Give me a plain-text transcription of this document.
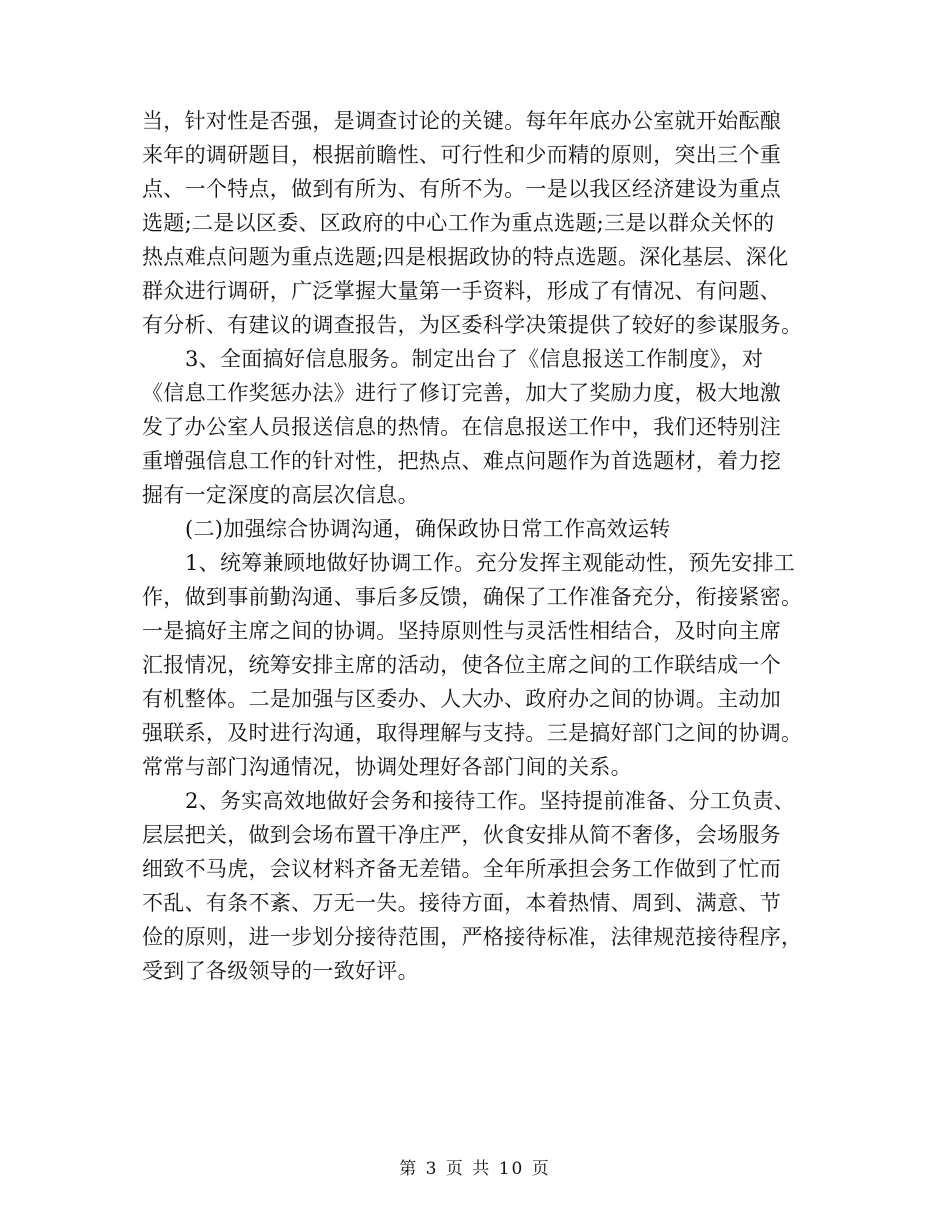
当，针对性是否强，是调查讨论的关键。每年年底办公室就开始酝酿
来年的调研题目，根据前瞻性、可行性和少而精的原则，突出三个重
点、一个特点，做到有所为、有所不为。一是以我区经济建设为重点
选题;二是以区委、区政府的中心工作为重点选题;三是以群众关怀的
热点难点问题为重点选题;四是根据政协的特点选题。深化基层、深化
群众进行调研，广泛掌握大量第一手资料，形成了有情况、有问题、
有分析、有建议的调查报告，为区委科学决策提供了较好的参谋服务。
3、全面搞好信息服务。制定出台了《信息报送工作制度》，对
《信息工作奖惩办法》进行了修订完善，加大了奖励力度，极大地激
发了办公室人员报送信息的热情。在信息报送工作中，我们还特别注
重增强信息工作的针对性，把热点、难点问题作为首选题材，着力挖
掘有一定深度的高层次信息。
(二)加强综合协调沟通，确保政协日常工作高效运转
1、统筹兼顾地做好协调工作。充分发挥主观能动性，预先安排工
作，做到事前勤沟通、事后多反馈，确保了工作准备充分，衔接紧密。
一是搞好主席之间的协调。坚持原则性与灵活性相结合，及时向主席
汇报情况，统筹安排主席的活动，使各位主席之间的工作联结成一个
有机整体。二是加强与区委办、人大办、政府办之间的协调。主动加
强联系，及时进行沟通，取得理解与支持。三是搞好部门之间的协调。
常常与部门沟通情况，协调处理好各部门间的关系。
2、务实高效地做好会务和接待工作。坚持提前准备、分工负责、
层层把关，做到会场布置干净庄严，伙食安排从简不奢侈，会场服务
细致不马虎，会议材料齐备无差错。全年所承担会务工作做到了忙而
不乱、有条不紊、万无一失。接待方面，本着热情、周到、满意、节
俭的原则，进一步划分接待范围，严格接待标准，法律规范接待程序，
受到了各级领导的一致好评。
第 3 页 共 10 页
